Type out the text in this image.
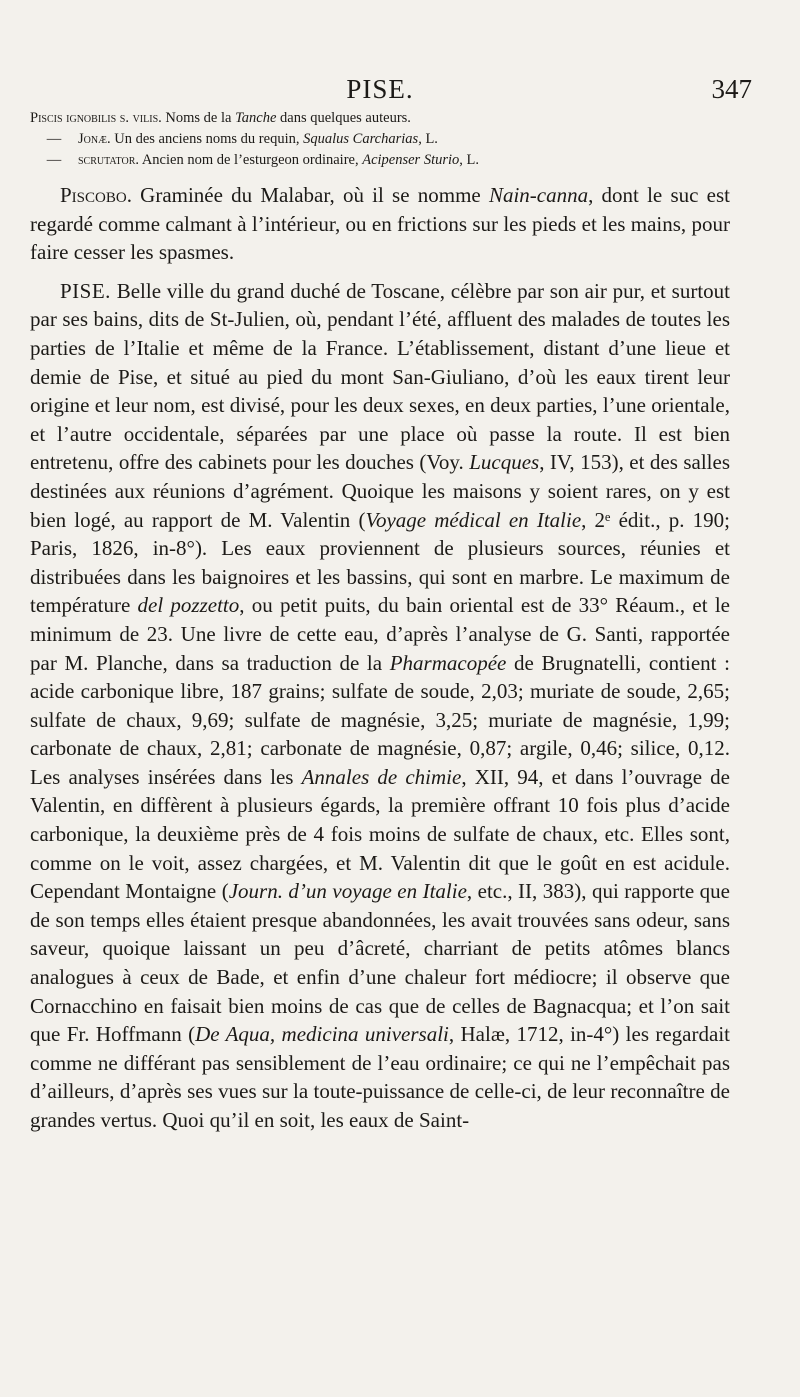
PISE.	347
Piscis ignobilis s. vilis. Noms de la Tanche dans quelques auteurs.
— Jonæ. Un des anciens noms du requin, Squalus Carcharias, L.
— scrutator. Ancien nom de l’esturgeon ordinaire, Acipenser Sturio, L.

Piscobo. Graminée du Malabar, où il se nomme Nain-canna, dont le suc est regardé comme calmant à l’intérieur, ou en frictions sur les pieds et les mains, pour faire cesser les spasmes.

PISE. Belle ville du grand duché de Toscane, célèbre par son air pur, et surtout par ses bains, dits de St-Julien, où, pendant l’été, affluent des malades de toutes les parties de l’Italie et même de la France. L’établissement, distant d’une lieue et demie de Pise, et situé au pied du mont San-Giuliano, d’où les eaux tirent leur origine et leur nom, est divisé, pour les deux sexes, en deux parties, l’une orientale, et l’autre occidentale, séparées par une place où passe la route. Il est bien entretenu, offre des cabinets pour les douches (Voy. Lucques, IV, 153), et des salles destinées aux réunions d’agrément. Quoique les maisons y soient rares, on y est bien logé, au rapport de M. Valentin (Voyage médical en Italie, 2ᵉ édit., p. 190; Paris, 1826, in-8°). Les eaux proviennent de plusieurs sources, réunies et distribuées dans les baignoires et les bassins, qui sont en marbre. Le maximum de température del pozzetto, ou petit puits, du bain oriental est de 33° Réaum., et le minimum de 23. Une livre de cette eau, d’après l’analyse de G. Santi, rapportée par M. Planche, dans sa traduction de la Pharmacopée de Brugnatelli, contient : acide carbonique libre, 187 grains; sulfate de soude, 2,03; muriate de soude, 2,65; sulfate de chaux, 9,69; sulfate de magnésie, 3,25; muriate de magnésie, 1,99; carbonate de chaux, 2,81; carbonate de magnésie, 0,87; argile, 0,46; silice, 0,12. Les analyses insérées dans les Annales de chimie, XII, 94, et dans l’ouvrage de Valentin, en diffèrent à plusieurs égards, la première offrant 10 fois plus d’acide carbonique, la deuxième près de 4 fois moins de sulfate de chaux, etc. Elles sont, comme on le voit, assez chargées, et M. Valentin dit que le goût en est acidule. Cependant Montaigne (Journ. d’un voyage en Italie, etc., II, 383), qui rapporte que de son temps elles étaient presque abandonnées, les avait trouvées sans odeur, sans saveur, quoique laissant un peu d’âcreté, charriant de petits atômes blancs analogues à ceux de Bade, et enfin d’une chaleur fort médiocre; il observe que Cornacchino en faisait bien moins de cas que de celles de Bagnacqua; et l’on sait que Fr. Hoffmann (De Aqua, medicina universali, Halæ, 1712, in-4°) les regardait comme ne différant pas sensiblement de l’eau ordinaire; ce qui ne l’empêchait pas d’ailleurs, d’après ses vues sur la toute-puissance de celle-ci, de leur reconnaître de grandes vertus. Quoi qu’il en soit, les eaux de Saint-
